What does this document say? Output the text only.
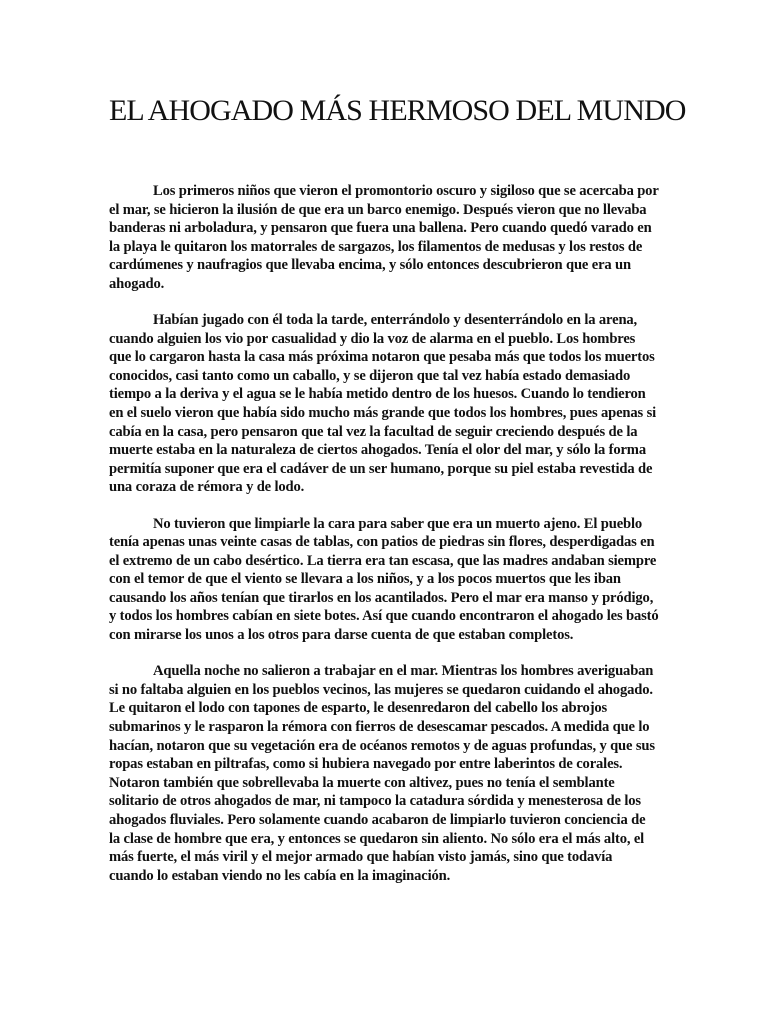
EL AHOGADO MÁS HERMOSO DEL MUNDO

Los primeros niños que vieron el promontorio oscuro y sigiloso que se acercaba por el mar, se hicieron la ilusión de que era un barco enemigo. Después vieron que no llevaba banderas ni arboladura, y pensaron que fuera una ballena. Pero cuando quedó varado en la playa le quitaron los matorrales de sargazos, los filamentos de medusas y los restos de cardúmenes y naufragios que llevaba encima, y sólo entonces descubrieron que era un ahogado.

Habían jugado con él toda la tarde, enterrándolo y desenterrándolo en la arena, cuando alguien los vio por casualidad y dio la voz de alarma en el pueblo. Los hombres que lo cargaron hasta la casa más próxima notaron que pesaba más que todos los muertos conocidos, casi tanto como un caballo, y se dijeron que tal vez había estado demasiado tiempo a la deriva y el agua se le había metido dentro de los huesos. Cuando lo tendieron en el suelo vieron que había sido mucho más grande que todos los hombres, pues apenas si cabía en la casa, pero pensaron que tal vez la facultad de seguir creciendo después de la muerte estaba en la naturaleza de ciertos ahogados. Tenía el olor del mar, y sólo la forma permitía suponer que era el cadáver de un ser humano, porque su piel estaba revestida de una coraza de rémora y de lodo.

No tuvieron que limpiarle la cara para saber que era un muerto ajeno. El pueblo tenía apenas unas veinte casas de tablas, con patios de piedras sin flores, desperdigadas en el extremo de un cabo desértico. La tierra era tan escasa, que las madres andaban siempre con el temor de que el viento se llevara a los niños, y a los pocos muertos que les iban causando los años tenían que tirarlos en los acantilados. Pero el mar era manso y pródigo, y todos los hombres cabían en siete botes. Así que cuando encontraron el ahogado les bastó con mirarse los unos a los otros para darse cuenta de que estaban completos.

Aquella noche no salieron a trabajar en el mar. Mientras los hombres averiguaban si no faltaba alguien en los pueblos vecinos, las mujeres se quedaron cuidando el ahogado. Le quitaron el lodo con tapones de esparto, le desenredaron del cabello los abrojos submarinos y le rasparon la rémora con fierros de desescamar pescados. A medida que lo hacían, notaron que su vegetación era de océanos remotos y de aguas profundas, y que sus ropas estaban en piltrafas, como si hubiera navegado por entre laberintos de corales. Notaron también que sobrellevaba la muerte con altivez, pues no tenía el semblante solitario de otros ahogados de mar, ni tampoco la catadura sórdida y menesterosa de los ahogados fluviales. Pero solamente cuando acabaron de limpiarlo tuvieron conciencia de la clase de hombre que era, y entonces se quedaron sin aliento. No sólo era el más alto, el más fuerte, el más viril y el mejor armado que habían visto jamás, sino que todavía cuando lo estaban viendo no les cabía en la imaginación.
